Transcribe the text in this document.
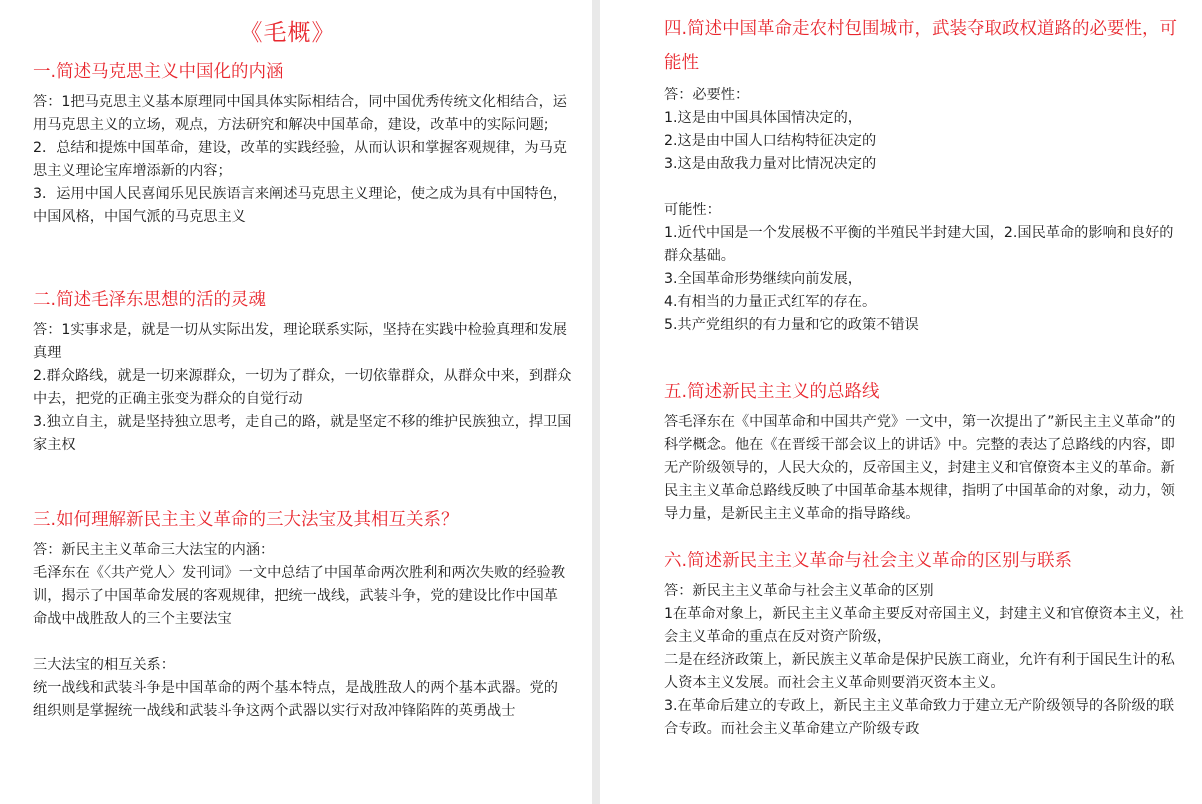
《毛概》
一.简述马克思主义中国化的内涵

答：1把马克思主义基本原理同中国具体实际相结合，同中国优秀传统文化相结合，运用马克思主义的立场，观点，方法研究和解决中国革命，建设，改革中的实际问题;

2．总结和提炼中国革命，建设，改革的实践经验，从而认识和掌握客观规律，为马克思主义理论宝库增添新的内容；

3．运用中国人民喜闻乐见民族语言来阐述马克思主义理论，使之成为具有中国特色，中国风格，中国气派的马克思主义

二.简述毛泽东思想的活的灵魂

答：1实事求是，就是一切从实际出发，理论联系实际，坚持在实践中检验真理和发展真理

2.群众路线，就是一切来源群众，一切为了群众，一切依靠群众，从群众中来，到群众中去，把党的正确主张变为群众的自觉行动

3.独立自主，就是坚持独立思考，走自己的路，就是坚定不移的维护民族独立，捍卫国家主权

三.如何理解新民主主义革命的三大法宝及其相互关系？

答：新民主主义革命三大法宝的内涵：

毛泽东在《〈共产党人〉发刊词》一文中总结了中国革命两次胜利和两次失败的经验教训，揭示了中国革命发展的客观规律，把统一战线，武装斗争，党的建设比作中国革命战中战胜敌人的三个主要法宝

三大法宝的相互关系：

统一战线和武装斗争是中国革命的两个基本特点，是战胜敌人的两个基本武器。党的组织则是掌握统一战线和武装斗争这两个武器以实行对敌冲锋陷阵的英勇战士

四.简述中国革命走农村包围城市，武装夺取政权道路的必要性，可能性

答：必要性：

1.这是由中国具体国情决定的，

2.这是由中国人口结构特征决定的

3.这是由敌我力量对比情况决定的

可能性：

1.近代中国是一个发展极不平衡的半殖民半封建大国，2.国民革命的影响和良好的群众基础。

3.全国革命形势继续向前发展，

4.有相当的力量正式红军的存在。

5.共产党组织的有力量和它的政策不错误

五.简述新民主主义的总路线

答毛泽东在《中国革命和中国共产党》一文中，第一次提出了”新民主主义革命”的科学概念。他在《在晋绥干部会议上的讲话》中。完整的表达了总路线的内容，即无产阶级领导的，人民大众的，反帝国主义，封建主义和官僚资本主义的革命。新民主主义革命总路线反映了中国革命基本规律，指明了中国革命的对象，动力，领导力量，是新民主主义革命的指导路线。

六.简述新民主主义革命与社会主义革命的区别与联系

答：新民主主义革命与社会主义革命的区别

1在革命对象上，新民主主义革命主要反对帝国主义，封建主义和官僚资本主义，社会主义革命的重点在反对资产阶级，

二是在经济政策上，新民族主义革命是保护民族工商业，允许有利于国民生计的私人资本主义发展。而社会主义革命则要消灭资本主义。

3.在革命后建立的专政上，新民主主义革命致力于建立无产阶级领导的各阶级的联合专政。而社会主义革命建立产阶级专政
